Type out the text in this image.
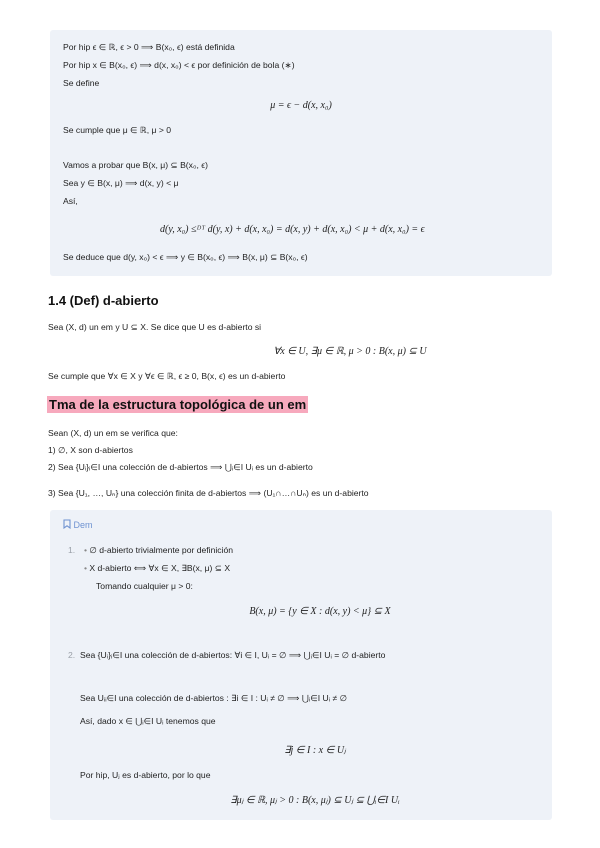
Por hip ϵ ∈ ℝ, ϵ > 0 ⟹ B(x₀, ϵ) está definida
Por hip x ∈ B(x₀, ϵ) ⟹ d(x, x₀) < ϵ por definición de bola (∗)
Se define
μ = ϵ − d(x, x₀)
Se cumple que μ ∈ ℝ, μ > 0
Vamos a probar que B(x, μ) ⊆ B(x₀, ϵ)
Sea y ∈ B(x, μ) ⟹ d(x, y) < μ
Así,
d(y, x₀) ≤ᴰᵀ d(y, x) + d(x, x₀) = d(x, y) + d(x, x₀) < μ + d(x, x₀) = ϵ
Se deduce que d(y, x₀) < ϵ ⟹ y ∈ B(x₀, ϵ) ⟹ B(x, μ) ⊆ B(x₀, ϵ)
1.4 (Def) d-abierto
Sea (X, d) un em y U ⊆ X. Se dice que U es d-abierto si
∀x ∈ U, ∃μ ∈ ℝ, μ > 0 : B(x, μ) ⊆ U
Se cumple que ∀x ∈ X y ∀ϵ ∈ ℝ, ϵ ≥ 0, B(x, ϵ) es un d-abierto
Tma de la estructura topológica de un em
Sean (X, d) un em se verifica que:
1) ∅, X son d-abiertos
2) Sea {Uᵢ}ᵢ∈I una colección de d-abiertos ⟹ ⋃ᵢ∈I Uᵢ es un d-abierto
3) Sea {U₁, …, Uₙ} una colección finita de d-abiertos ⟹ (U₁∩…∩Uₙ) es un d-abierto
Dem
1. • ∅ d-abierto trivialmente por definición
• X d-abierto ⟺ ∀x ∈ X, ∃B(x, μ) ⊆ X
Tomando cualquier μ > 0:
B(x, μ) = {y ∈ X : d(x, y) < μ} ⊆ X
2. Sea {Uᵢ}ᵢ∈I una colección de d-abiertos: ∀i ∈ I, Uᵢ = ∅ ⟹ ⋃ᵢ∈I Uᵢ = ∅ d-abierto
Sea Uᵢᵢ∈I una colección de d-abiertos : ∃i ∈ I : Uᵢ ≠ ∅ ⟹ ⋃ᵢ∈I Uᵢ ≠ ∅
Así, dado x ∈ ⋃ᵢ∈I Uᵢ tenemos que
∃j ∈ I : x ∈ Uⱼ
Por hip, Uⱼ es d-abierto, por lo que
∃μⱼ ∈ ℝ, μⱼ > 0 : B(x, μⱼ) ⊆ Uⱼ ⊆ ⋃ᵢ∈I Uᵢ
